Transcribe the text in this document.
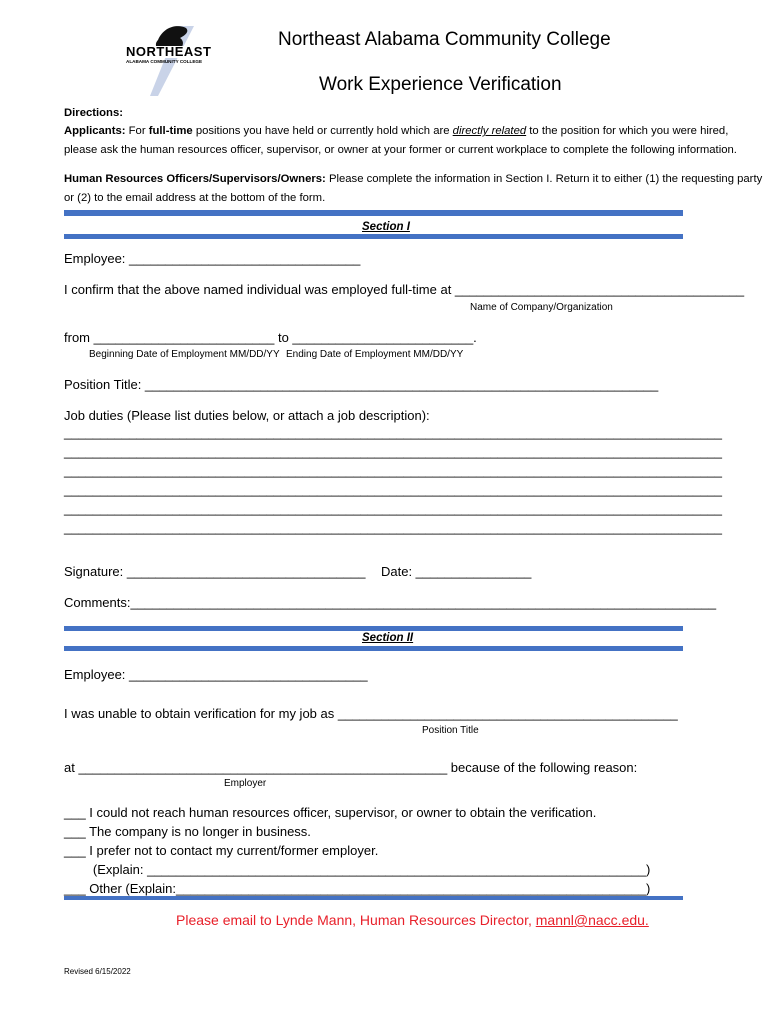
NORTHEAST
ALABAMA COMMUNITY COLLEGE
Northeast Alabama Community College
Work Experience Verification
Directions:
Applicants: For full-time positions you have held or currently hold which are directly related to the position for which you were hired,
please ask the human resources officer, supervisor, or owner at your former or current workplace to complete the following information.
Human Resources Officers/Supervisors/Owners: Please complete the information in Section I. Return it to either (1) the requesting party
or (2) to the email address at the bottom of the form.
Section I
Employee: ________________________________
I confirm that the above named individual was employed full-time at ________________________________________
Name of Company/Organization
from _________________________ to _________________________.
Beginning Date of Employment MM/DD/YY Ending Date of Employment MM/DD/YY
Position Title: _______________________________________________________________________
Job duties (Please list duties below, or attach a job description):
___________________________________________________________________________________________
___________________________________________________________________________________________
___________________________________________________________________________________________
___________________________________________________________________________________________
___________________________________________________________________________________________
___________________________________________________________________________________________
Signature: _________________________________ Date: ________________
Comments:_________________________________________________________________________________
Section II
Employee: _________________________________
I was unable to obtain verification for my job as _______________________________________________
Position Title
at ___________________________________________________ because of the following reason:
Employer
___ I could not reach human resources officer, supervisor, or owner to obtain the verification.
___ The company is no longer in business.
___ I prefer not to contact my current/former employer.
(Explain: _____________________________________________________________________)
___ Other (Explain:_________________________________________________________________)
Please email to Lynde Mann, Human Resources Director, mannl@nacc.edu.
Revised 6/15/2022
